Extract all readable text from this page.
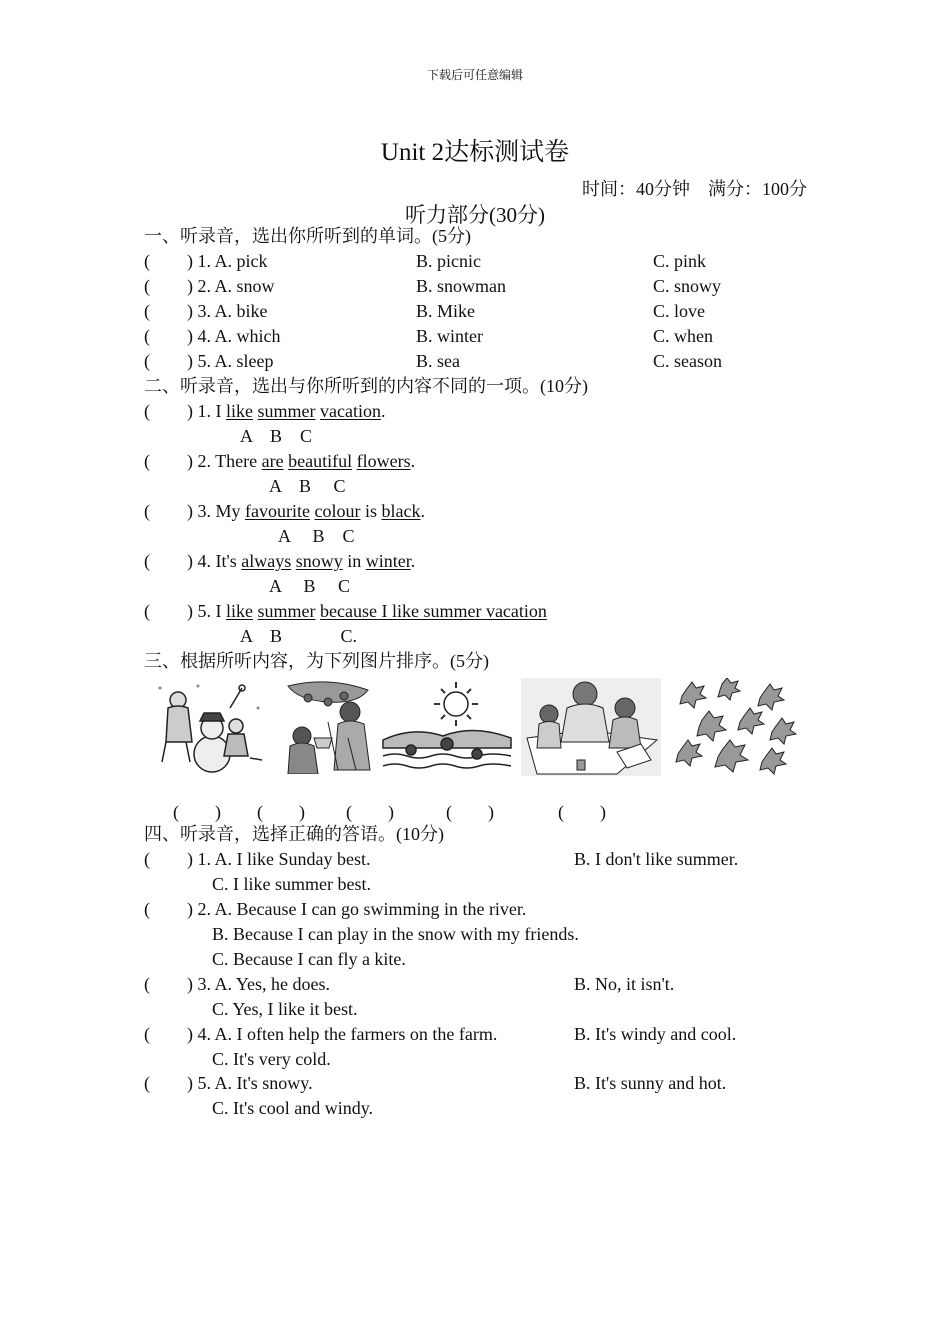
下载后可任意编辑
Unit 2达标测试卷
时间：40分钟　满分：100分
听力部分(30分)
一、听录音，选出你所听到的单词。(5分)
( ) 1. A. pick	B. picnic	C. pink
( ) 2. A. snow	B. snowman	C. snowy
( ) 3. A. bike	B. Mike	C. love
( ) 4. A. which	B. winter	C. when
( ) 5. A. sleep	B. sea	C. season
二、听录音，选出与你所听到的内容不同的一项。(10分)
( ) 1. I like summer vacation.
A　B　C
( ) 2. There are beautiful flowers.
A　B　 C
( ) 3. My favourite colour is black.
A　 B　C
( ) 4. It's always snowy in winter.
A　 B　 C
( ) 5. I like summer because I like summer vacation
A　B　　　 C.
三、根据所听内容，为下列图片排序。(5分)
(　　) (　　) (　　)	(　　)	(　　)
四、听录音，选择正确的答语。(10分)
( ) 1. A. I like Sunday best.	B. I don't like summer.
C. I like summer best.
( ) 2. A. Because I can go swimming in the river.
B. Because I can play in the snow with my friends.
C. Because I can fly a kite.
( ) 3. A. Yes, he does.	B. No, it isn't.
C. Yes, I like it best.
( ) 4. A. I often help the farmers on the farm.	B. It's windy and cool.
C. It's very cold.
( ) 5. A. It's snowy.	B. It's sunny and hot.
C. It's cool and windy.
